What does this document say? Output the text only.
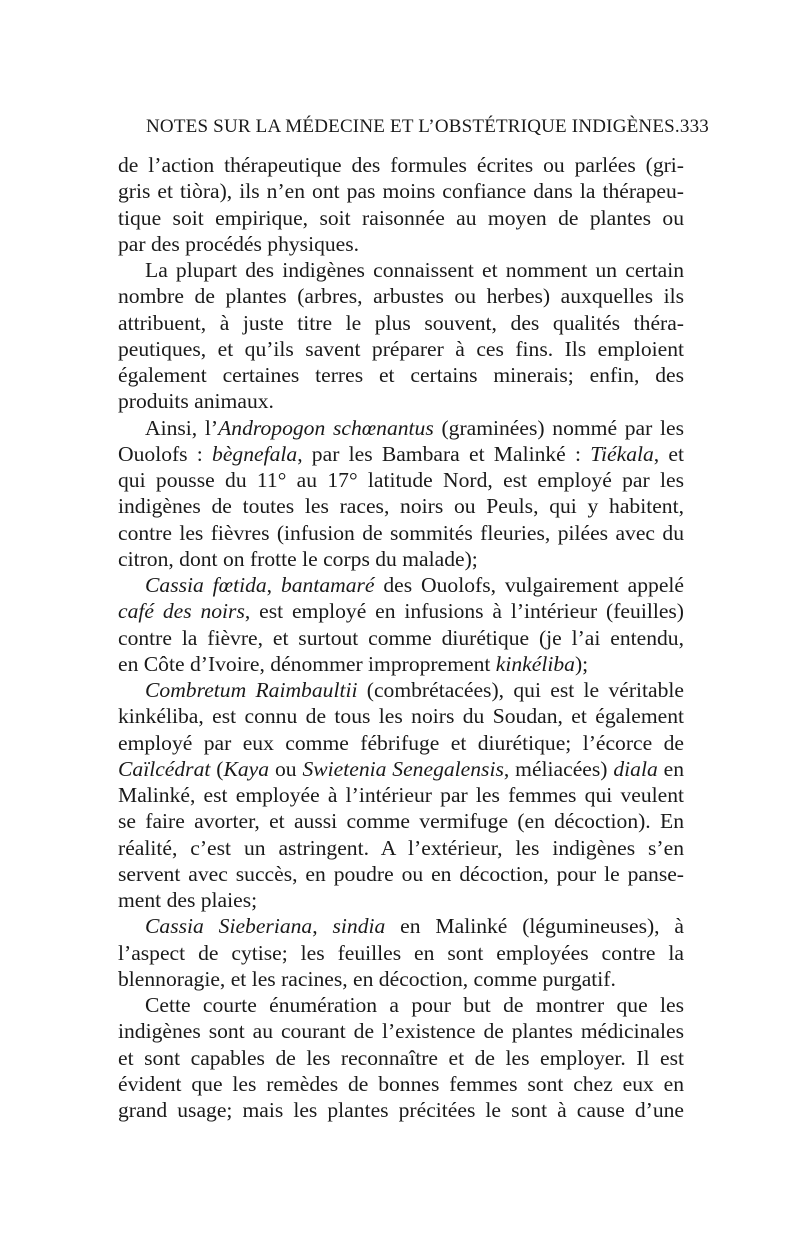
NOTES SUR LA MÉDECINE ET L’OBSTÉTRIQUE INDIGÈNES. 333
de l’action thérapeutique des formules écrites ou parlées (gri-
gris et tiòra), ils n’en ont pas moins confiance dans la thérapeu-
tique soit empirique, soit raisonnée au moyen de plantes ou
par des procédés physiques.
La plupart des indigènes connaissent et nomment un certain
nombre de plantes (arbres, arbustes ou herbes) auxquelles ils
attribuent, à juste titre le plus souvent, des qualités théra-
peutiques, et qu’ils savent préparer à ces fins. Ils emploient
également certaines terres et certains minerais; enfin, des
produits animaux.
Ainsi, l’Andropogon schœnantus (graminées) nommé par les
Ouolofs : bègnefala, par les Bambara et Malinké : Tiékala, et
qui pousse du 11° au 17° latitude Nord, est employé par les
indigènes de toutes les races, noirs ou Peuls, qui y habitent,
contre les fièvres (infusion de sommités fleuries, pilées avec du
citron, dont on frotte le corps du malade);
Cassia fœtida, bantamaré des Ouolofs, vulgairement appelé
café des noirs, est employé en infusions à l’intérieur (feuilles)
contre la fièvre, et surtout comme diurétique (je l’ai entendu,
en Côte d’Ivoire, dénommer improprement kinkéliba);
Combretum Raimbaultii (combrétacées), qui est le véritable
kinkéliba, est connu de tous les noirs du Soudan, et également
employé par eux comme fébrifuge et diurétique; l’écorce de
Caïlcédrat (Kaya ou Swietenia Senegalensis, méliacées) diala en
Malinké, est employée à l’intérieur par les femmes qui veulent
se faire avorter, et aussi comme vermifuge (en décoction). En
réalité, c’est un astringent. A l’extérieur, les indigènes s’en
servent avec succès, en poudre ou en décoction, pour le panse-
ment des plaies;
Cassia Sieberiana, sindia en Malinké (légumineuses), à
l’aspect de cytise; les feuilles en sont employées contre la
blennoragie, et les racines, en décoction, comme purgatif.
Cette courte énumération a pour but de montrer que les
indigènes sont au courant de l’existence de plantes médicinales
et sont capables de les reconnaître et de les employer. Il est
évident que les remèdes de bonnes femmes sont chez eux en
grand usage; mais les plantes précitées le sont à cause d’une
